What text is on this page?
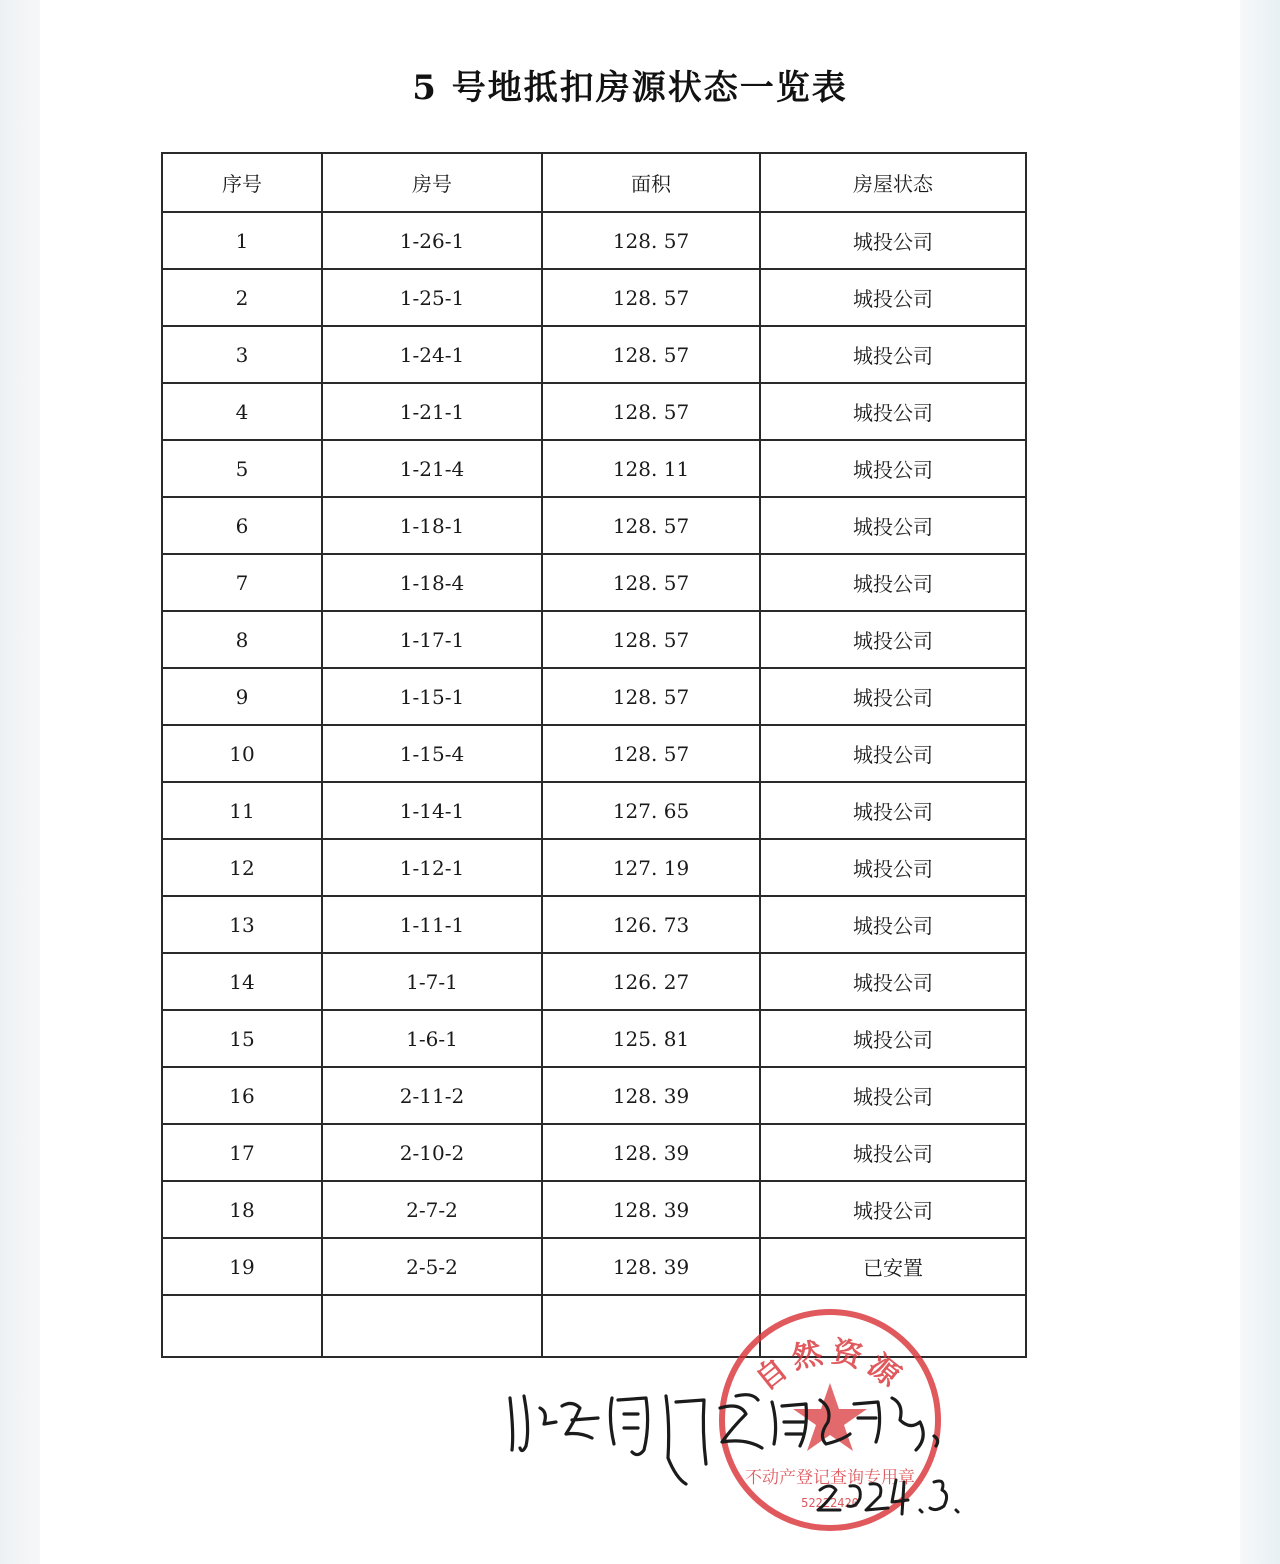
5 号地抵扣房源状态一览表
序号	房号	面积	房屋状态
1	1-26-1	128. 57	城投公司
2	1-25-1	128. 57	城投公司
3	1-24-1	128. 57	城投公司
4	1-21-1	128. 57	城投公司
5	1-21-4	128. 11	城投公司
6	1-18-1	128. 57	城投公司
7	1-18-4	128. 57	城投公司
8	1-17-1	128. 57	城投公司
9	1-15-1	128. 57	城投公司
10	1-15-4	128. 57	城投公司
11	1-14-1	127. 65	城投公司
12	1-12-1	127. 19	城投公司
13	1-11-1	126. 73	城投公司
14	1-7-1	126. 27	城投公司
15	1-6-1	125. 81	城投公司
16	2-11-2	128. 39	城投公司
17	2-10-2	128. 39	城投公司
18	2-7-2	128. 39	城投公司
19	2-5-2	128. 39	已安置

自然资源
不动产登记查询专用章
52222420
